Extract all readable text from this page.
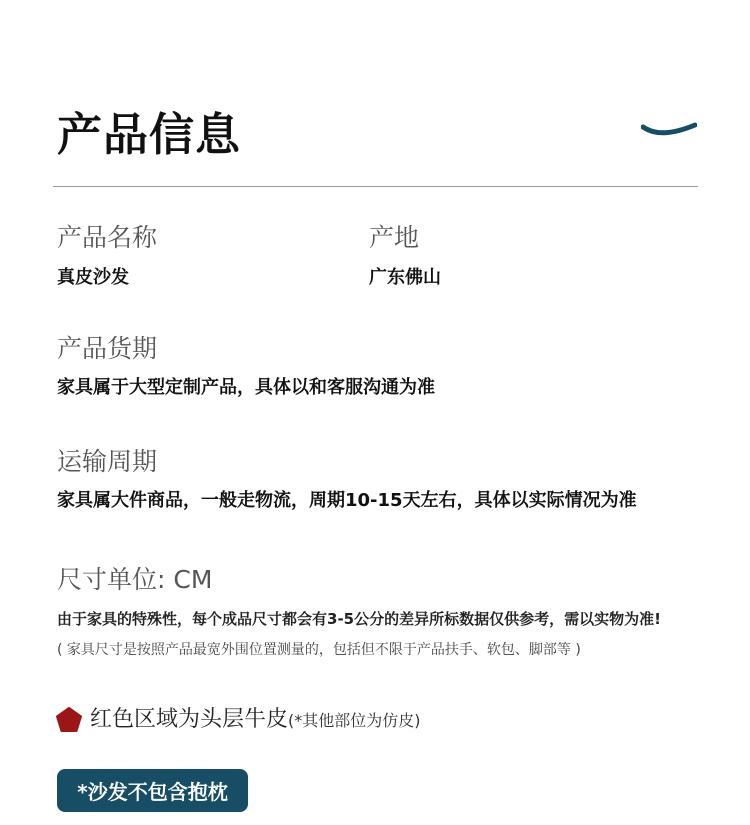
产品信息
产品名称
真皮沙发
产地
广东佛山
产品货期
家具属于大型定制产品，具体以和客服沟通为准
运输周期
家具属大件商品，一般走物流，周期10-15天左右，具体以实际情况为准
尺寸单位: CM
由于家具的特殊性，每个成品尺寸都会有3-5公分的差异所标数据仅供参考，需以实物为准!
( 家具尺寸是按照产品最宽外围位置测量的，包括但不限于产品扶手、软包、脚部等 )
红色区域为头层牛皮(*其他部位为仿皮)
*沙发不包含抱枕
